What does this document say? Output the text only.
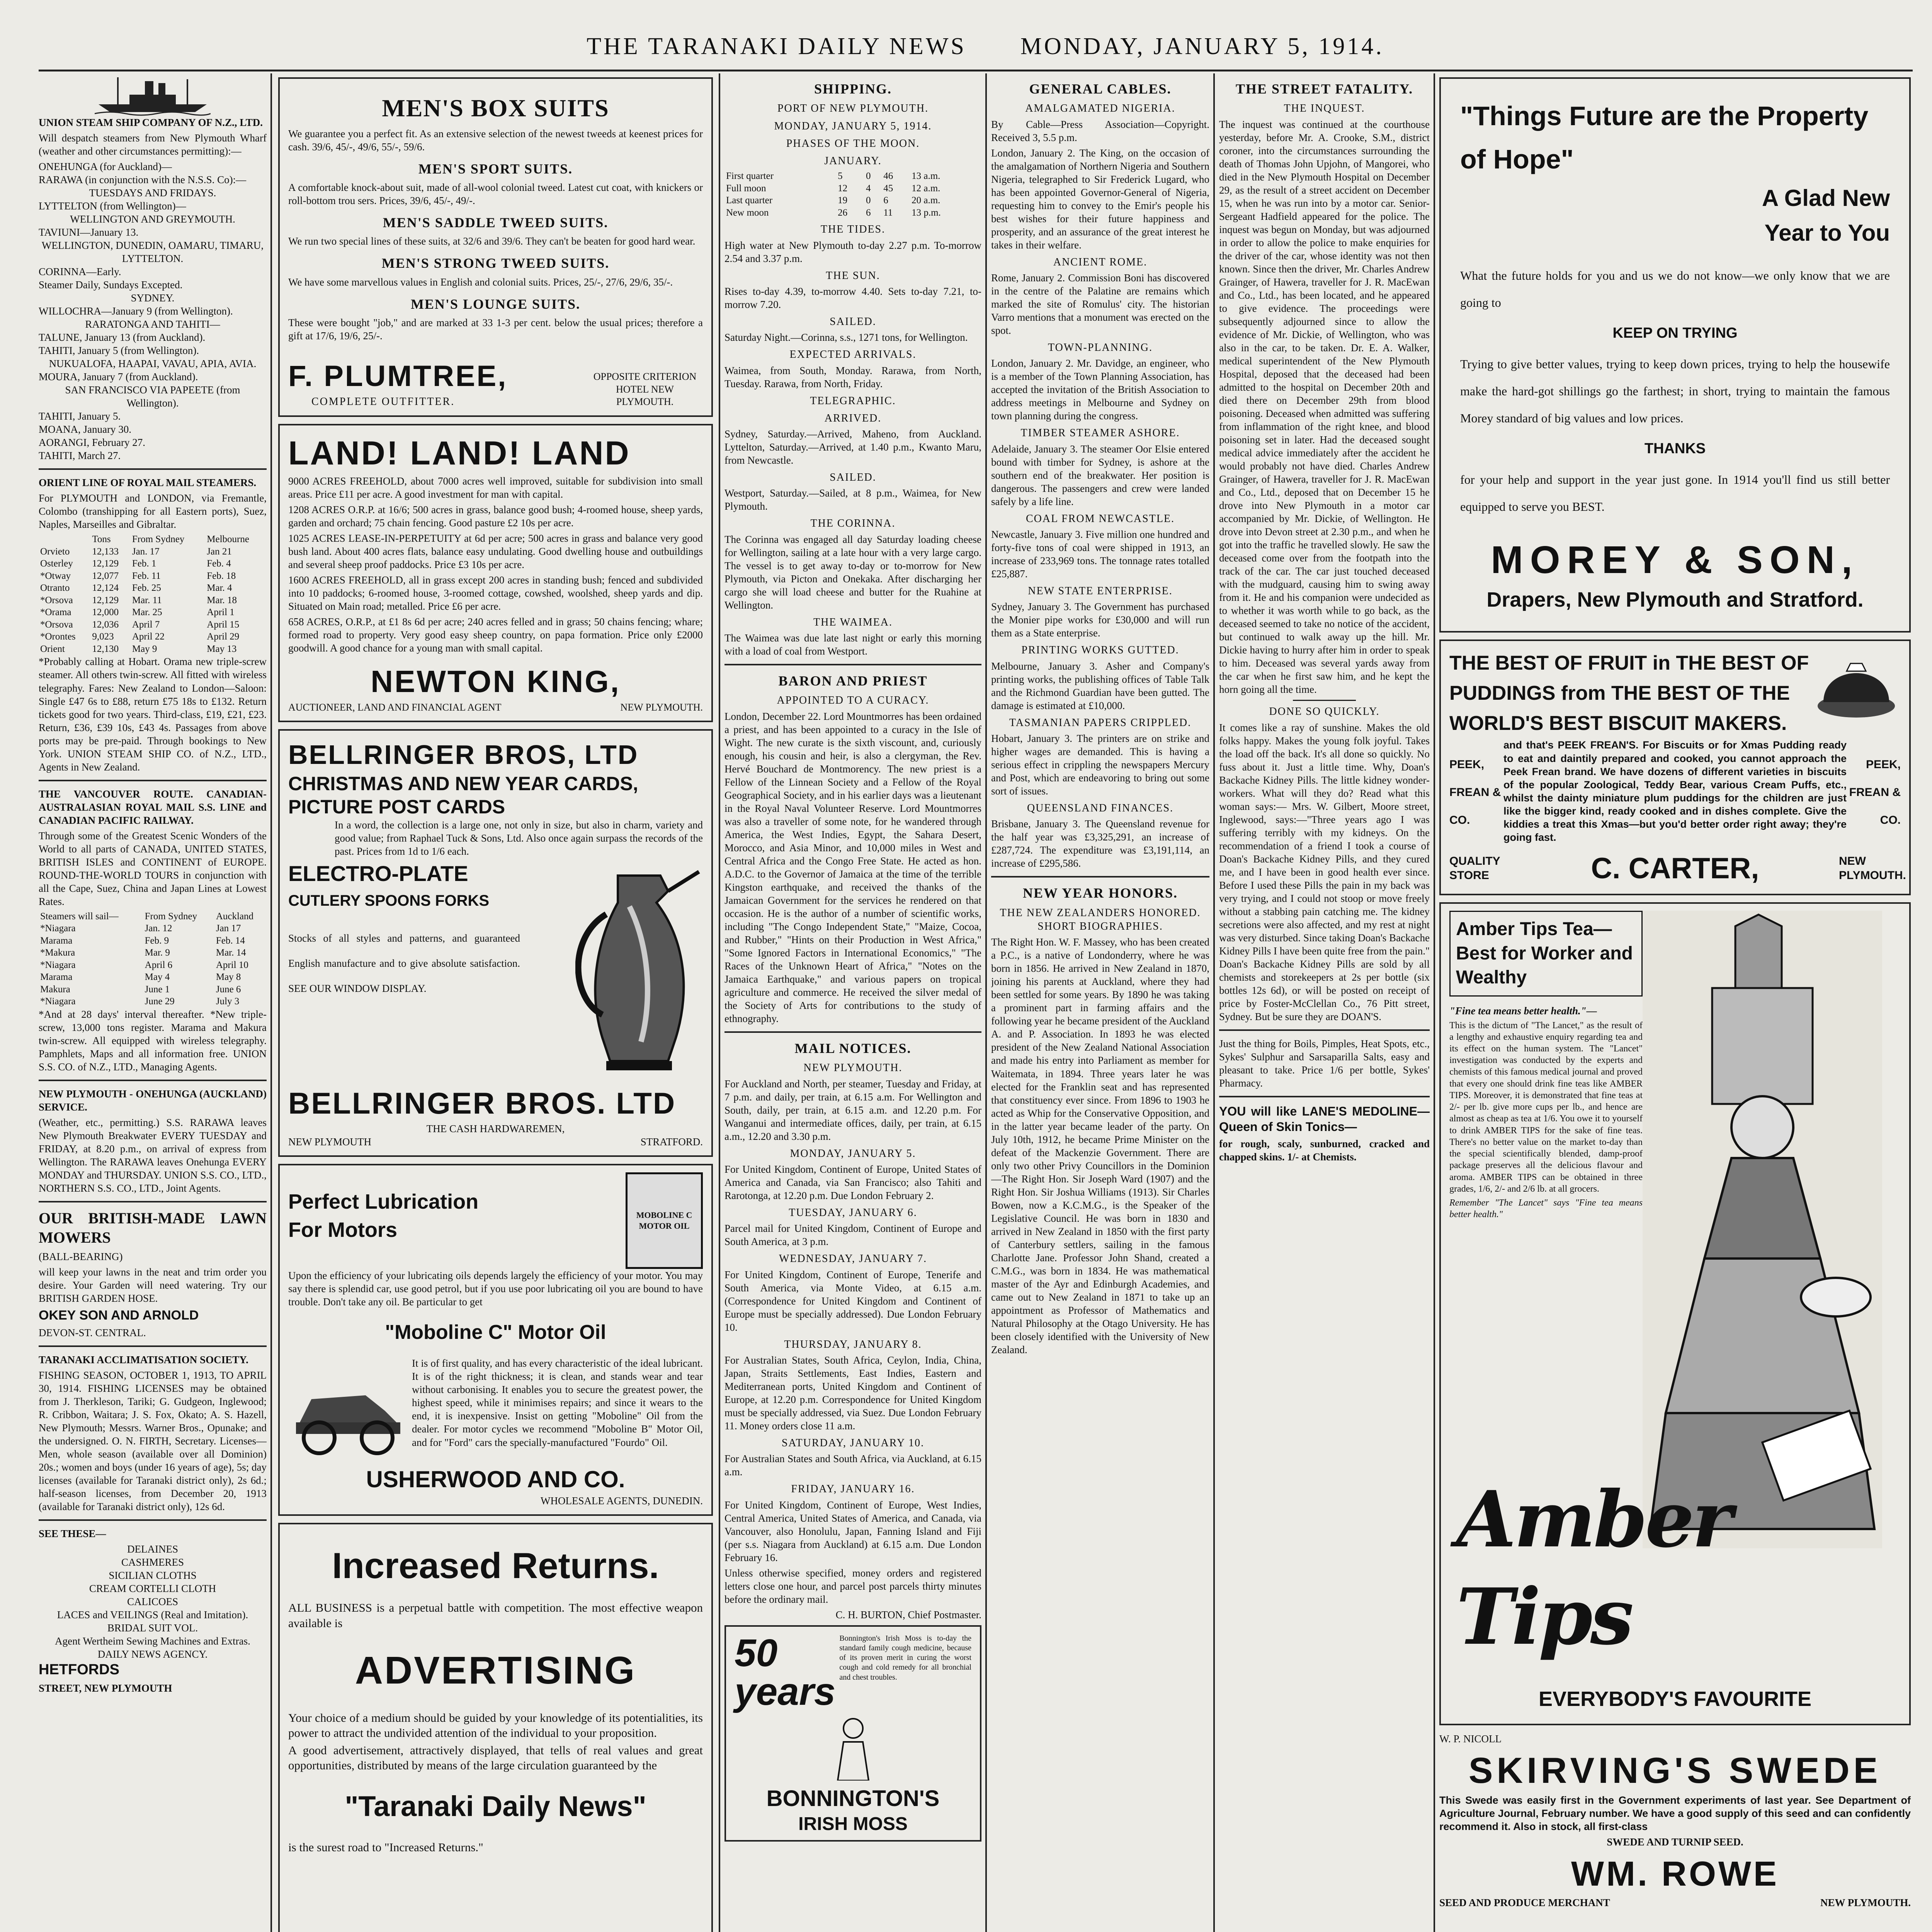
THE TARANAKI DAILY NEWS MONDAY, JANUARY 5, 1914.

UNION STEAM SHIP COMPANY OF N.Z., LTD.

Will despatch steamers from New Plymouth Wharf (weather and other circumstances permitting):—

ONEHUNGA (for Auckland)—
RARAWA (in conjunction with the N.S.S. Co):—
TUESDAYS AND FRIDAYS.
LYTTELTON (from Wellington)—
WELLINGTON AND GREYMOUTH.
TAVIUNI—January 13.
WELLINGTON, DUNEDIN, OAMARU, TIMARU, LYTTELTON.
CORINNA—Early.
Steamer Daily, Sundays Excepted.
SYDNEY.
WILLOCHRA—January 9 (from Wellington).
RARATONGA AND TAHITI—
TALUNE, January 13 (from Auckland).
TAHITI, January 5 (from Wellington).
NUKUALOFA, HAAPAI, VAVAU, APIA, AVIA.
MOURA, January 7 (from Auckland).
SAN FRANCISCO VIA PAPEETE (from Wellington).
TAHITI, January 5.
MOANA, January 30.
AORANGI, February 27.
TAHITI, March 27.

ORIENT LINE OF ROYAL MAIL STEAMERS.

For PLYMOUTH and LONDON, via Fremantle, Colombo (transhipping for all Eastern ports), Suez, Naples, Marseilles and Gibraltar.

	Tons	From Sydney	Melbourne
Orvieto	12,133	Jan. 17	Jan 21
Osterley	12,129	Feb. 1	Feb. 4
*Otway	12,077	Feb. 11	Feb. 18
Otranto	12,124	Feb. 25	Mar. 4
*Orsova	12,129	Mar. 11	Mar. 18
*Orama	12,000	Mar. 25	April 1
*Orsova	12,036	April 7	April 15
*Orontes	9,023	April 22	April 29
Orient	12,130	May 9	May 13

*Probably calling at Hobart. Orama new triple-screw steamer. All others twin-screw. All fitted with wireless telegraphy. Fares: New Zealand to London—Saloon: Single £47 6s to £88, return £75 18s to £132. Return tickets good for two years. Third-class, £19, £21, £23. Return, £36, £39 10s, £43 4s. Passages from above ports may be pre-paid. Through bookings to New York. UNION STEAM SHIP CO. of N.Z., LTD., Agents in New Zealand.

THE VANCOUVER ROUTE. CANADIAN-AUSTRALASIAN ROYAL MAIL S.S. LINE and CANADIAN PACIFIC RAILWAY.

Through some of the Greatest Scenic Wonders of the World to all parts of CANADA, UNITED STATES, BRITISH ISLES and CONTINENT of EUROPE. ROUND-THE-WORLD TOURS in conjunction with all the Cape, Suez, China and Japan Lines at Lowest Rates.

Steamers will sail—	From Sydney	Auckland
*Niagara	Jan. 12	Jan 17
Marama	Feb. 9	Feb. 14
*Makura	Mar. 9	Mar. 14
*Niagara	April 6	April 10
Marama	May 4	May 8
Makura	June 1	June 6
*Niagara	June 29	July 3

*And at 28 days' interval thereafter. *New triple-screw, 13,000 tons register. Marama and Makura twin-screw. All equipped with wireless telegraphy. Pamphlets, Maps and all information free. UNION S.S. CO. of N.Z., LTD., Managing Agents.

NEW PLYMOUTH - ONEHUNGA (AUCKLAND) SERVICE.

(Weather, etc., permitting.) S.S. RARAWA leaves New Plymouth Breakwater EVERY TUESDAY and FRIDAY, at 8.20 p.m., on arrival of express from Wellington. The RARAWA leaves Onehunga EVERY MONDAY and THURSDAY. UNION S.S. CO., LTD., NORTHERN S.S. CO., LTD., Joint Agents.

OUR BRITISH-MADE LAWN MOWERS

(BALL-BEARING)

will keep your lawns in the neat and trim order you desire. Your Garden will need watering. Try our BRITISH GARDEN HOSE.

OKEY SON AND ARNOLD

DEVON-ST. CENTRAL.

TARANAKI ACCLIMATISATION SOCIETY.

FISHING SEASON, OCTOBER 1, 1913, TO APRIL 30, 1914. FISHING LICENSES may be obtained from J. Therkleson, Tariki; G. Gudgeon, Inglewood; R. Cribbon, Waitara; J. S. Fox, Okato; A. S. Hazell, New Plymouth; Messrs. Warner Bros., Opunake; and the undersigned. O. N. FIRTH, Secretary. Licenses—Men, whole season (available over all Dominion) 20s.; women and boys (under 16 years of age), 5s; day licenses (available for Taranaki district only), 2s 6d.; half-season licenses, from December 20, 1913 (available for Taranaki district only), 12s 6d.

SEE THESE—

DELAINES
CASHMERES
SICILIAN CLOTHS
CREAM CORTELLI CLOTH
CALICOES
LACES and VEILINGS (Real and Imitation).
BRIDAL SUIT VOL.
Agent Wertheim Sewing Machines and Extras.
DAILY NEWS AGENCY.

HETFORDS

STREET, NEW PLYMOUTH

MEN'S BOX SUITS

We guarantee you a perfect fit. As an extensive selection of the newest tweeds at keenest prices for cash. 39/6, 45/-, 49/6, 55/-, 59/6.

MEN'S SPORT SUITS.

A comfortable knock-about suit, made of all-wool colonial tweed. Latest cut coat, with knickers or roll-bottom trou sers. Prices, 39/6, 45/-, 49/-.

MEN'S SADDLE TWEED SUITS.

We run two special lines of these suits, at 32/6 and 39/6. They can't be beaten for good hard wear.

MEN'S STRONG TWEED SUITS.

We have some marvellous values in English and colonial suits. Prices, 25/-, 27/6, 29/6, 35/-.

MEN'S LOUNGE SUITS.

These were bought "job," and are marked at 33 1-3 per cent. below the usual prices; therefore a gift at 17/6, 19/6, 25/-.

F. PLUMTREE,
COMPLETE OUTFITTER.
OPPOSITE CRITERION HOTEL NEW PLYMOUTH.
LAND! LAND! LAND

9000 ACRES FREEHOLD, about 7000 acres well improved, suitable for subdivision into small areas. Price £11 per acre. A good investment for man with capital.

1208 ACRES O.R.P. at 16/6; 500 acres in grass, balance good bush; 4-roomed house, sheep yards, garden and orchard; 75 chain fencing. Good pasture £2 10s per acre.

1025 ACRES LEASE-IN-PERPETUITY at 6d per acre; 500 acres in grass and balance very good bush land. About 400 acres flats, balance easy undulating. Good dwelling house and outbuildings and several sheep proof paddocks. Price £3 10s per acre.

1600 ACRES FREEHOLD, all in grass except 200 acres in standing bush; fenced and subdivided into 10 paddocks; 6-roomed house, 3-roomed cottage, cowshed, woolshed, sheep yards and dip. Situated on Main road; metalled. Price £6 per acre.

658 ACRES, O.R.P., at £1 8s 6d per acre; 240 acres felled and in grass; 50 chains fencing; whare; formed road to property. Very good easy sheep country, on papa formation. Price only £2000 goodwill. A good chance for a young man with small capital.

NEWTON KING,
AUCTIONEER, LAND AND FINANCIAL AGENT	NEW PLYMOUTH.
BELLRINGER BROS, LTD
CHRISTMAS AND NEW YEAR CARDS, PICTURE POST CARDS

In a word, the collection is a large one, not only in size, but also in charm, variety and good value; from Raphael Tuck & Sons, Ltd. Also once again surpass the records of the past. Prices from 1d to 1/6 each.

ELECTRO-PLATE
CUTLERY SPOONS FORKS

Stocks of all styles and patterns, and guaranteed English manufacture and to give absolute satisfaction. SEE OUR WINDOW DISPLAY.

BELLRINGER BROS. LTD
THE CASH HARDWAREMEN,
NEW PLYMOUTH	STRATFORD.
Perfect Lubrication For Motors
MOBOLINE C MOTOR OIL

Upon the efficiency of your lubricating oils depends largely the efficiency of your motor. You may say there is splendid car, use good petrol, but if you use poor lubricating oil you are bound to have trouble. Don't take any oil. Be particular to get

"Moboline C" Motor Oil

It is of first quality, and has every characteristic of the ideal lubricant. It is of the right thickness; it is clean, and stands wear and tear without carbonising. It enables you to secure the greatest power, the highest speed, while it minimises repairs; and since it wears to the end, it is inexpensive. Insist on getting "Moboline" Oil from the dealer. For motor cycles we recommend "Moboline B" Motor Oil, and for "Ford" cars the specially-manufactured "Fourdo" Oil.

USHERWOOD AND CO.
WHOLESALE AGENTS, DUNEDIN.
Increased Returns.

ALL BUSINESS is a perpetual battle with competition. The most effective weapon available is

ADVERTISING

Your choice of a medium should be guided by your knowledge of its potentialities, its power to attract the undivided attention of the individual to your proposition.

A good advertisement, attractively displayed, that tells of real values and great opportunities, distributed by means of the large circulation guaranteed by the

"Taranaki Daily News"

is the surest road to "Increased Returns."

SHIPPING.
PORT OF NEW PLYMOUTH.
MONDAY, JANUARY 5, 1914.
PHASES OF THE MOON.
JANUARY.
First quarter	5	0	46	13 a.m.
Full moon	12	4	45	12 a.m.
Last quarter	19	0	6	20 a.m.
New moon	26	6	11	13 p.m.
THE TIDES.

High water at New Plymouth to-day 2.27 p.m. To-morrow 2.54 and 3.37 p.m.

THE SUN.

Rises to-day 4.39, to-morrow 4.40. Sets to-day 7.21, to-morrow 7.20.

SAILED.

Saturday Night.—Corinna, s.s., 1271 tons, for Wellington.

EXPECTED ARRIVALS.

Waimea, from South, Monday. Rarawa, from North, Tuesday. Rarawa, from North, Friday.

TELEGRAPHIC.
ARRIVED.

Sydney, Saturday.—Arrived, Maheno, from Auckland. Lyttelton, Saturday.—Arrived, at 1.40 p.m., Kwanto Maru, from Newcastle.

SAILED.

Westport, Saturday.—Sailed, at 8 p.m., Waimea, for New Plymouth.

THE CORINNA.

The Corinna was engaged all day Saturday loading cheese for Wellington, sailing at a late hour with a very large cargo. The vessel is to get away to-day or to-morrow for New Plymouth, via Picton and Onekaka. After discharging her cargo she will load cheese and butter for the Ruahine at Wellington.

THE WAIMEA.

The Waimea was due late last night or early this morning with a load of coal from Westport.

BARON AND PRIEST
APPOINTED TO A CURACY.

London, December 22. Lord Mountmorres has been ordained a priest, and has been appointed to a curacy in the Isle of Wight. The new curate is the sixth viscount, and, curiously enough, his cousin and heir, is also a clergyman, the Rev. Hervé Bouchard de Montmorency. The new priest is a Fellow of the Linnean Society and a Fellow of the Royal Geographical Society, and in his earlier days was a lieutenant in the Royal Naval Volunteer Reserve. Lord Mountmorres was also a traveller of some note, for he wandered through America, the West Indies, Egypt, the Sahara Desert, Morocco, and Asia Minor, and 10,000 miles in West and Central Africa and the Congo Free State. He acted as hon. A.D.C. to the Governor of Jamaica at the time of the terrible Kingston earthquake, and received the thanks of the Jamaican Government for the services he rendered on that occasion. He is the author of a number of scientific works, including "The Congo Independent State," "Maize, Cocoa, and Rubber," "Hints on their Production in West Africa," "Some Ignored Factors in International Economics," "The Races of the Unknown Heart of Africa," "Notes on the Jamaica Earthquake," and various papers on tropical agriculture and commerce. He received the silver medal of the Society of Arts for contributions to the study of ethnography.

MAIL NOTICES.
NEW PLYMOUTH.

For Auckland and North, per steamer, Tuesday and Friday, at 7 p.m. and daily, per train, at 6.15 a.m. For Wellington and South, daily, per train, at 6.15 a.m. and 12.20 p.m. For Wanganui and intermediate offices, daily, per train, at 6.15 a.m., 12.20 and 3.30 p.m.

MONDAY, JANUARY 5.

For United Kingdom, Continent of Europe, United States of America and Canada, via San Francisco; also Tahiti and Rarotonga, at 12.20 p.m. Due London February 2.

TUESDAY, JANUARY 6.

Parcel mail for United Kingdom, Continent of Europe and South America, at 3 p.m.

WEDNESDAY, JANUARY 7.

For United Kingdom, Continent of Europe, Tenerife and South America, via Monte Video, at 6.15 a.m. (Correspondence for United Kingdom and Continent of Europe must be specially addressed). Due London February 10.

THURSDAY, JANUARY 8.

For Australian States, South Africa, Ceylon, India, China, Japan, Straits Settlements, East Indies, Eastern and Mediterranean ports, United Kingdom and Continent of Europe, at 12.20 p.m. Correspondence for United Kingdom must be specially addressed, via Suez. Due London February 11. Money orders close 11 a.m.

SATURDAY, JANUARY 10.

For Australian States and South Africa, via Auckland, at 6.15 a.m.

FRIDAY, JANUARY 16.

For United Kingdom, Continent of Europe, West Indies, Central America, United States of America, and Canada, via Vancouver, also Honolulu, Japan, Fanning Island and Fiji (per s.s. Niagara from Auckland) at 6.15 a.m. Due London February 16.

Unless otherwise specified, money orders and registered letters close one hour, and parcel post parcels thirty minutes before the ordinary mail.

C. H. BURTON, Chief Postmaster.

50 years

Bonnington's Irish Moss is to-day the standard family cough medicine, because of its proven merit in curing the worst cough and cold remedy for all bronchial and chest troubles.

BONNINGTON'S
IRISH MOSS
GENERAL CABLES.
AMALGAMATED NIGERIA.

By Cable—Press Association—Copyright. Received 3, 5.5 p.m.

London, January 2. The King, on the occasion of the amalgamation of Northern Nigeria and Southern Nigeria, telegraphed to Sir Frederick Lugard, who has been appointed Governor-General of Nigeria, requesting him to convey to the Emir's people his best wishes for their future happiness and prosperity, and an assurance of the great interest he takes in their welfare.

ANCIENT ROME.

Rome, January 2. Commission Boni has discovered in the centre of the Palatine are remains which marked the site of Romulus' city. The historian Varro mentions that a monument was erected on the spot.

TOWN-PLANNING.

London, January 2. Mr. Davidge, an engineer, who is a member of the Town Planning Association, has accepted the invitation of the British Association to address meetings in Melbourne and Sydney on town planning during the congress.

TIMBER STEAMER ASHORE.

Adelaide, January 3. The steamer Oor Elsie entered bound with timber for Sydney, is ashore at the southern end of the breakwater. Her position is dangerous. The passengers and crew were landed safely by a life line.

COAL FROM NEWCASTLE.

Newcastle, January 3. Five million one hundred and forty-five tons of coal were shipped in 1913, an increase of 233,969 tons. The tonnage rates totalled £25,887.

NEW STATE ENTERPRISE.

Sydney, January 3. The Government has purchased the Monier pipe works for £30,000 and will run them as a State enterprise.

PRINTING WORKS GUTTED.

Melbourne, January 3. Asher and Company's printing works, the publishing offices of Table Talk and the Richmond Guardian have been gutted. The damage is estimated at £10,000.

TASMANIAN PAPERS CRIPPLED.

Hobart, January 3. The printers are on strike and higher wages are demanded. This is having a serious effect in crippling the newspapers Mercury and Post, which are endeavoring to bring out some sort of issues.

QUEENSLAND FINANCES.

Brisbane, January 3. The Queensland revenue for the half year was £3,325,291, an increase of £287,724. The expenditure was £3,191,114, an increase of £295,586.

NEW YEAR HONORS.
THE NEW ZEALANDERS HONORED. SHORT BIOGRAPHIES.

The Right Hon. W. F. Massey, who has been created a P.C., is a native of Londonderry, where he was born in 1856. He arrived in New Zealand in 1870, joining his parents at Auckland, where they had been settled for some years. By 1890 he was taking a prominent part in farming affairs and the following year he became president of the Auckland A. and P. Association. In 1893 he was elected president of the New Zealand National Association and made his entry into Parliament as member for Waitemata, in 1894. Three years later he was elected for the Franklin seat and has represented that constituency ever since. From 1896 to 1903 he acted as Whip for the Conservative Opposition, and in the latter year became leader of the party. On July 10th, 1912, he became Prime Minister on the defeat of the Mackenzie Government. There are only two other Privy Councillors in the Dominion—The Right Hon. Sir Joseph Ward (1907) and the Right Hon. Sir Joshua Williams (1913). Sir Charles Bowen, now a K.C.M.G., is the Speaker of the Legislative Council. He was born in 1830 and arrived in New Zealand in 1850 with the first party of Canterbury settlers, sailing in the famous Charlotte Jane. Professor John Shand, created a C.M.G., was born in 1834. He was mathematical master of the Ayr and Edinburgh Academies, and came out to New Zealand in 1871 to take up an appointment as Professor of Mathematics and Natural Philosophy at the Otago University. He has been closely identified with the University of New Zealand.

THE STREET FATALITY.
THE INQUEST.

The inquest was continued at the courthouse yesterday, before Mr. A. Crooke, S.M., district coroner, into the circumstances surrounding the death of Thomas John Upjohn, of Mangorei, who died in the New Plymouth Hospital on December 29, as the result of a street accident on December 15, when he was run into by a motor car. Senior-Sergeant Hadfield appeared for the police. The inquest was begun on Monday, but was adjourned in order to allow the police to make enquiries for the driver of the car, whose identity was not then known. Since then the driver, Mr. Charles Andrew Grainger, of Hawera, traveller for J. R. MacEwan and Co., Ltd., has been located, and he appeared to give evidence. The proceedings were subsequently adjourned since to allow the evidence of Mr. Dickie, of Wellington, who was also in the car, to be taken. Dr. E. A. Walker, medical superintendent of the New Plymouth Hospital, deposed that the deceased had been admitted to the hospital on December 20th and died there on December 29th from blood poisoning. Deceased when admitted was suffering from inflammation of the right knee, and blood poisoning set in later. Had the deceased sought medical advice immediately after the accident he would probably not have died. Charles Andrew Grainger, of Hawera, traveller for J. R. MacEwan and Co., Ltd., deposed that on December 15 he drove into New Plymouth in a motor car accompanied by Mr. Dickie, of Wellington. He drove into Devon street at 2.30 p.m., and when he got into the traffic he travelled slowly. He saw the deceased come over from the footpath into the track of the car. The car just touched deceased with the mudguard, causing him to swing away from it. He and his companion were undecided as to whether it was worth while to go back, as the deceased seemed to take no notice of the accident, but continued to walk away up the hill. Mr. Dickie having to hurry after him in order to speak to him. Deceased was several yards away from the car when he first saw him, and he kept the horn going all the time.

DONE SO QUICKLY.

It comes like a ray of sunshine. Makes the old folks happy. Makes the young folk joyful. Takes the load off the back. It's all done so quickly. No fuss about it. Just a little time. Why, Doan's Backache Kidney Pills. The little kidney wonder-workers. What will they do? Read what this woman says:— Mrs. W. Gilbert, Moore street, Inglewood, says:—"Three years ago I was suffering terribly with my kidneys. On the recommendation of a friend I took a course of Doan's Backache Kidney Pills, and they cured me, and I have been in good health ever since. Before I used these Pills the pain in my back was very trying, and I could not stoop or move freely without a stabbing pain catching me. The kidney secretions were also affected, and my rest at night was very disturbed. Since taking Doan's Backache Kidney Pills I have been quite free from the pain." Doan's Backache Kidney Pills are sold by all chemists and storekeepers at 2s per bottle (six bottles 12s 6d), or will be posted on receipt of price by Foster-McClellan Co., 76 Pitt street, Sydney. But be sure they are DOAN'S.

Just the thing for Boils, Pimples, Heat Spots, etc., Sykes' Sulphur and Sarsaparilla Salts, easy and pleasant to take. Price 1/6 per bottle, Sykes' Pharmacy.

YOU will like LANE'S MEDOLINE—Queen of Skin Tonics—

for rough, scaly, sunburned, cracked and chapped skins. 1/- at Chemists.

"Things Future are the Property of Hope"
A Glad New Year to You

What the future holds for you and us we do not know—we only know that we are going to

KEEP ON TRYING

Trying to give better values, trying to keep down prices, trying to help the housewife make the hard-got shillings go the farthest; in short, trying to maintain the famous Morey standard of big values and low prices.

THANKS

for your help and support in the year just gone. In 1914 you'll find us still better equipped to serve you BEST.

MOREY & SON,
Drapers, New Plymouth and Stratford.
THE BEST OF FRUIT in THE BEST OF PUDDINGS from THE BEST OF THE WORLD'S BEST BISCUIT MAKERS.
PEEK, FREAN & CO.

and that's PEEK FREAN'S. For Biscuits or for Xmas Pudding ready to eat and daintily prepared and cooked, you cannot approach the Peek Frean brand. We have dozens of different varieties in biscuits of the popular Zoological, Teddy Bear, various Cream Puffs, etc., whilst the dainty miniature plum puddings for the children are just like the bigger kind, ready cooked and in dishes complete. Give the kiddies a treat this Xmas—but you'd better order right away; they're going fast.

PEEK, FREAN & CO.
QUALITY STORE	C. CARTER,	NEW PLYMOUTH.
Amber Tips Tea— Best for Worker and Wealthy

"Fine tea means better health."—

This is the dictum of "The Lancet," as the result of a lengthy and exhaustive enquiry regarding tea and its effect on the human system. The "Lancet" investigation was conducted by the experts and chemists of this famous medical journal and proved that every one should drink fine teas like AMBER TIPS. Moreover, it is demonstrated that fine teas at 2/- per lb. give more cups per lb., and hence are almost as cheap as tea at 1/6. You owe it to yourself to drink AMBER TIPS for the sake of fine teas. There's no better value on the market to-day than the special scientifically blended, damp-proof package preserves all the delicious flavour and aroma. AMBER TIPS can be obtained in three grades, 1/6, 2/- and 2/6 lb. at all grocers.

Remember "The Lancet" says "Fine tea means better health."

Amber Tips
EVERYBODY'S FAVOURITE

W. P. NICOLL

SKIRVING'S SWEDE

This Swede was easily first in the Government experiments of last year. See Department of Agriculture Journal, February number. We have a good supply of this seed and can confidently recommend it. Also in stock, all first-class

SWEDE AND TURNIP SEED.
WM. ROWE
SEED AND PRODUCE MERCHANT	NEW PLYMOUTH.
